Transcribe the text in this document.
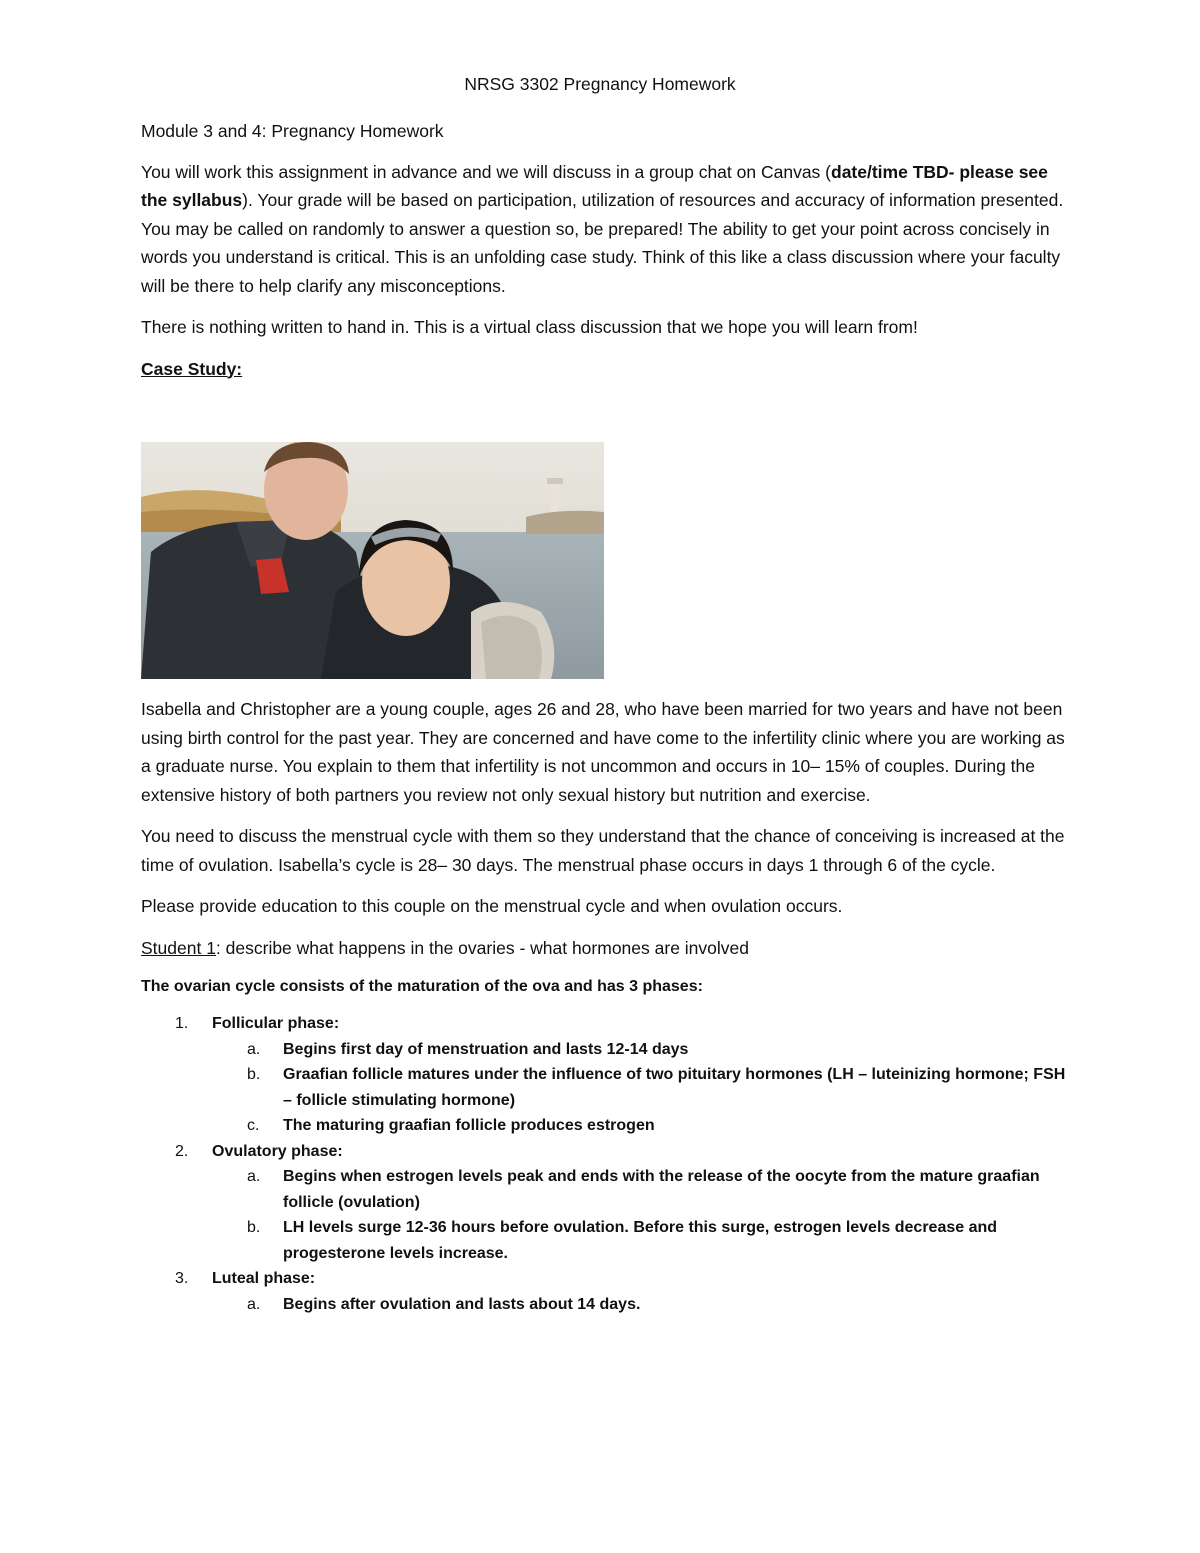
NRSG 3302 Pregnancy Homework

Module 3 and 4: Pregnancy Homework

You will work this assignment in advance and we will discuss in a group chat on Canvas (date/time TBD- please see the syllabus). Your grade will be based on participation, utilization of resources and accuracy of information presented. You may be called on randomly to answer a question so, be prepared! The ability to get your point across concisely in words you understand is critical. This is an unfolding case study. Think of this like a class discussion where your faculty will be there to help clarify any misconceptions.

There is nothing written to hand in. This is a virtual class discussion that we hope you will learn from!

Case Study:

Isabella and Christopher are a young couple, ages 26 and 28, who have been married for two years and have not been using birth control for the past year. They are concerned and have come to the infertility clinic where you are working as a graduate nurse. You explain to them that infertility is not uncommon and occurs in 10– 15% of couples. During the extensive history of both partners you review not only sexual history but nutrition and exercise.

You need to discuss the menstrual cycle with them so they understand that the chance of conceiving is increased at the time of ovulation. Isabella’s cycle is 28– 30 days. The menstrual phase occurs in days 1 through 6 of the cycle.

Please provide education to this couple on the menstrual cycle and when ovulation occurs.

Student 1: describe what happens in the ovaries - what hormones are involved

The ovarian cycle consists of the maturation of the ova and has 3 phases:

1. Follicular phase:
a. Begins first day of menstruation and lasts 12-14 days
b. Graafian follicle matures under the influence of two pituitary hormones (LH – luteinizing hormone; FSH – follicle stimulating hormone)
c. The maturing graafian follicle produces estrogen
2. Ovulatory phase:
a. Begins when estrogen levels peak and ends with the release of the oocyte from the mature graafian follicle (ovulation)
b. LH levels surge 12-36 hours before ovulation. Before this surge, estrogen levels decrease and progesterone levels increase.
3. Luteal phase:
a. Begins after ovulation and lasts about 14 days.
